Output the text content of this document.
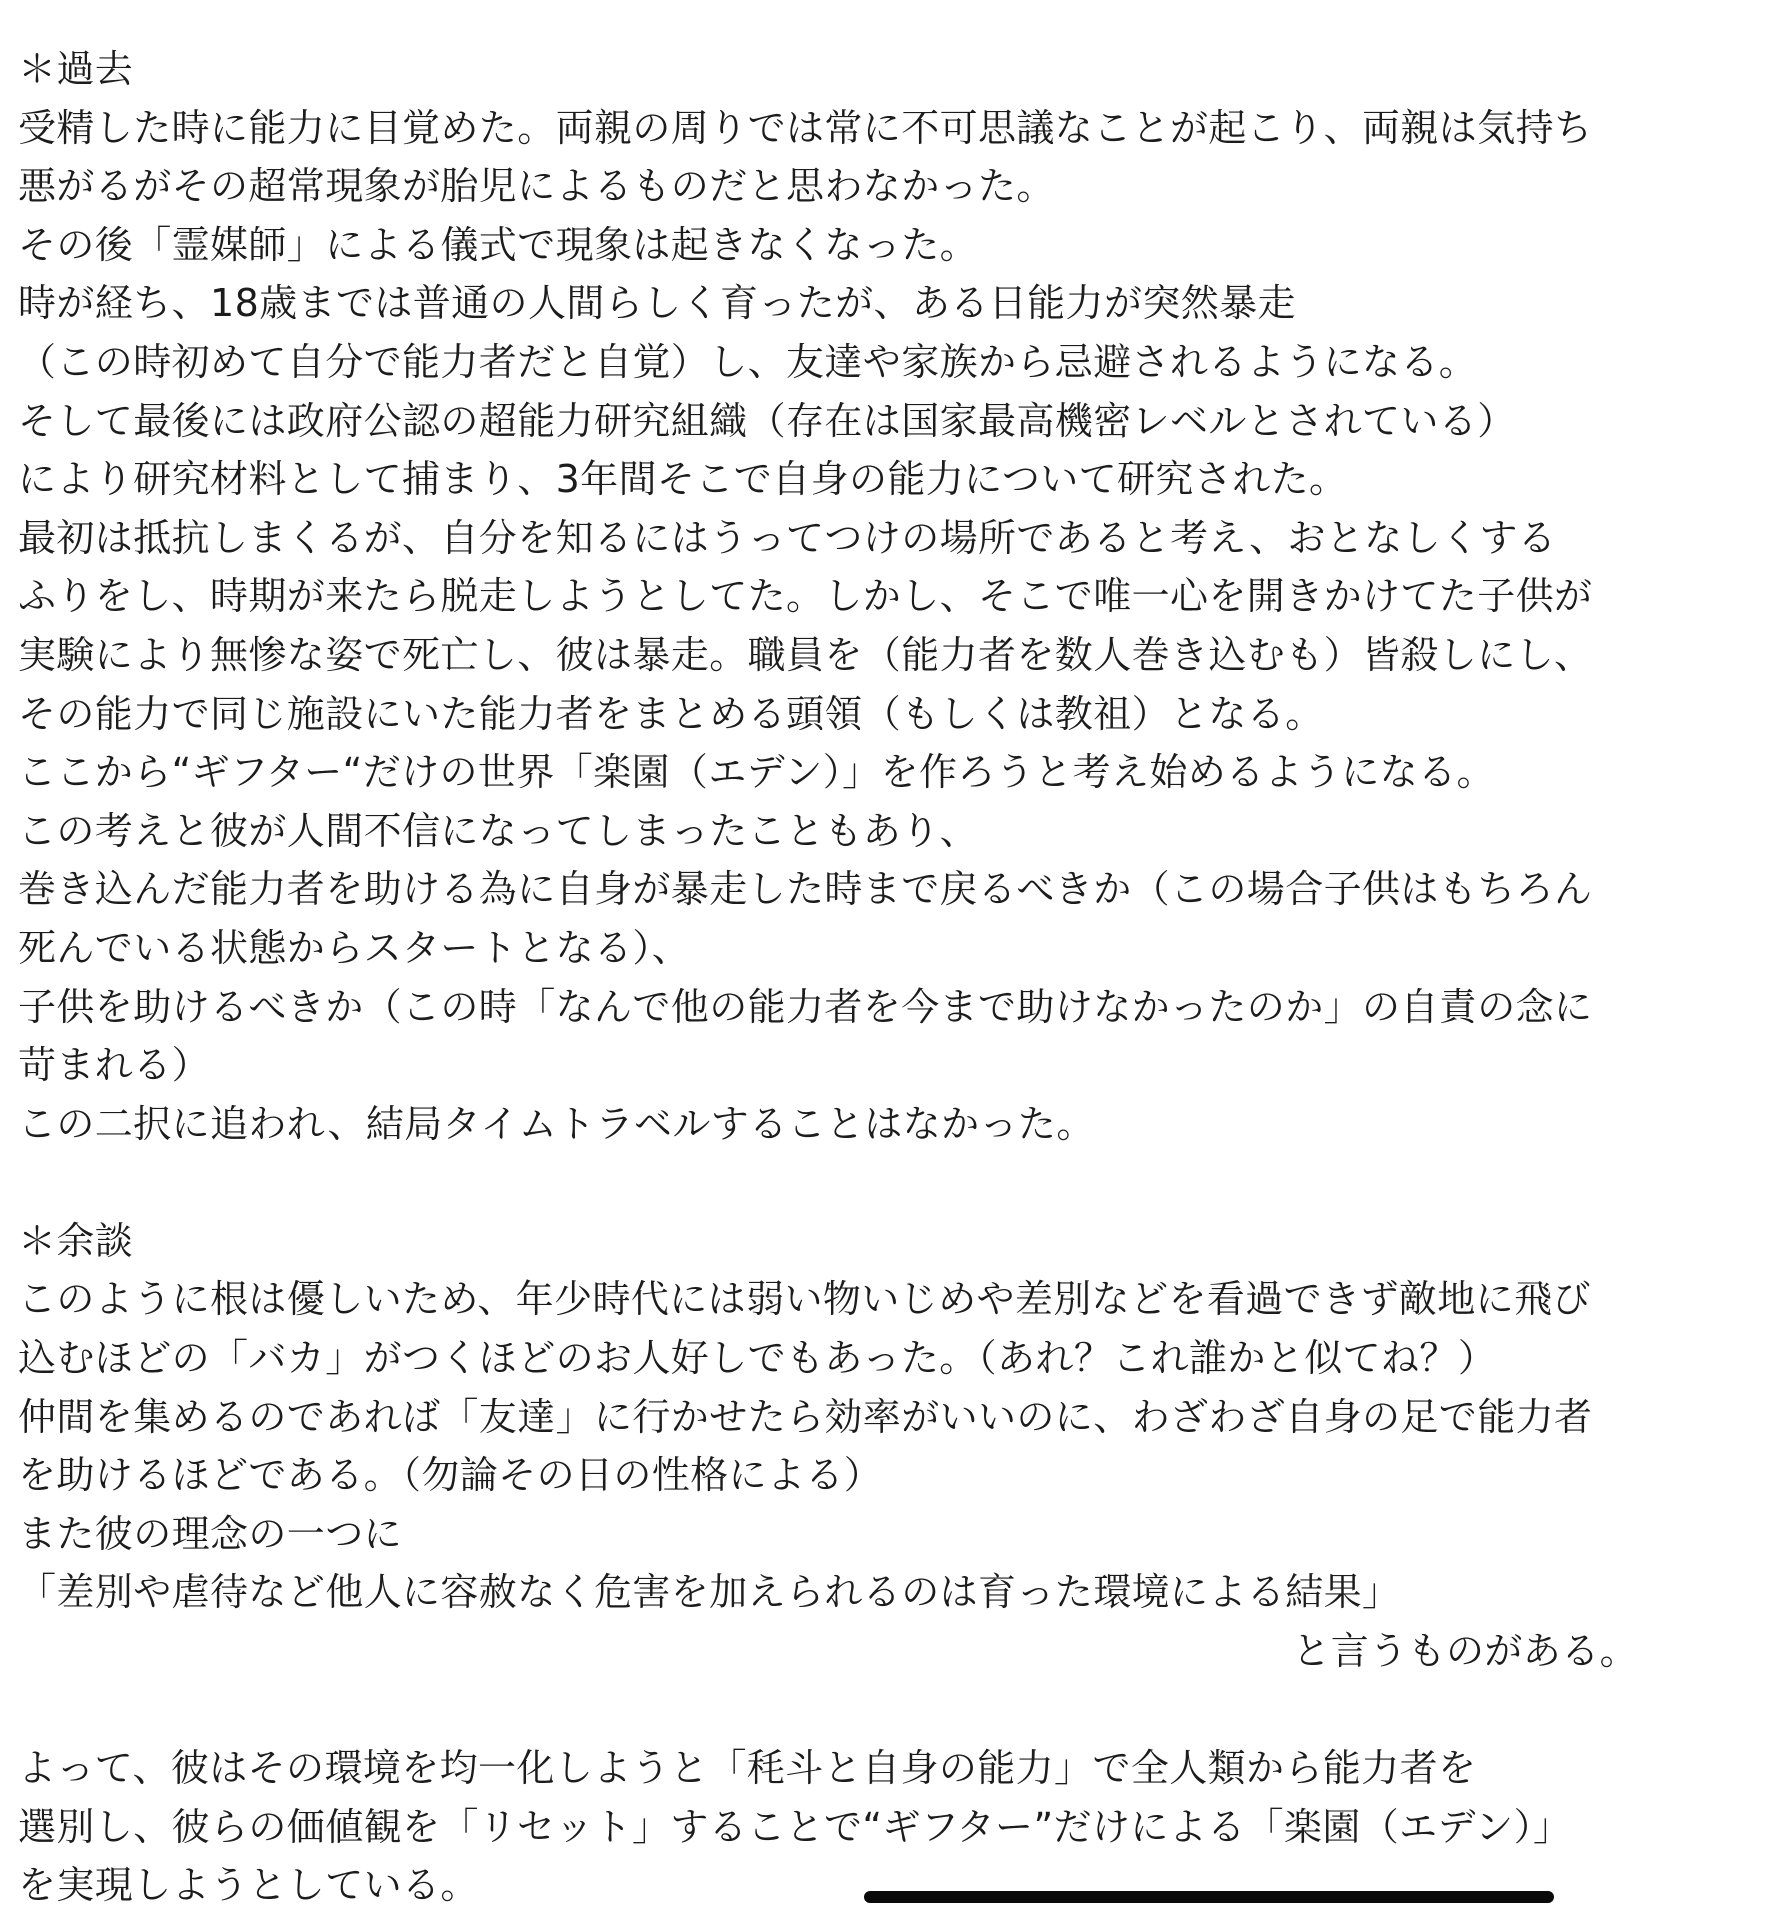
＊過去
受精した時に能力に目覚めた。両親の周りでは常に不可思議なことが起こり、両親は気持ち
悪がるがその超常現象が胎児によるものだと思わなかった。
その後「霊媒師」による儀式で現象は起きなくなった。
時が経ち、18歳までは普通の人間らしく育ったが、ある日能力が突然暴走
（この時初めて自分で能力者だと自覚）し、友達や家族から忌避されるようになる。
そして最後には政府公認の超能力研究組織（存在は国家最高機密レベルとされている）
により研究材料として捕まり、3年間そこで自身の能力について研究された。
最初は抵抗しまくるが、自分を知るにはうってつけの場所であると考え、おとなしくする
ふりをし、時期が来たら脱走しようとしてた。しかし、そこで唯一心を開きかけてた子供が
実験により無惨な姿で死亡し、彼は暴走。職員を（能力者を数人巻き込むも）皆殺しにし、
その能力で同じ施設にいた能力者をまとめる頭領（もしくは教祖）となる。
ここから“ギフター“だけの世界「楽園（エデン）」を作ろうと考え始めるようになる。
この考えと彼が人間不信になってしまったこともあり、
巻き込んだ能力者を助ける為に自身が暴走した時まで戻るべきか（この場合子供はもちろん
死んでいる状態からスタートとなる）、
子供を助けるべきか（この時「なんで他の能力者を今まで助けなかったのか」の自責の念に
苛まれる）
この二択に追われ、結局タイムトラベルすることはなかった。
＊余談
このように根は優しいため、年少時代には弱い物いじめや差別などを看過できず敵地に飛び
込むほどの「バカ」がつくほどのお人好しでもあった。（あれ？これ誰かと似てね？）
仲間を集めるのであれば「友達」に行かせたら効率がいいのに、わざわざ自身の足で能力者
を助けるほどである。（勿論その日の性格による）
また彼の理念の一つに
「差別や虐待など他人に容赦なく危害を加えられるのは育った環境による結果」
と言うものがある。
よって、彼はその環境を均一化しようと「秏斗と自身の能力」で全人類から能力者を
選別し、彼らの価値観を「リセット」することで“ギフター”だけによる「楽園（エデン）」
を実現しようとしている。
